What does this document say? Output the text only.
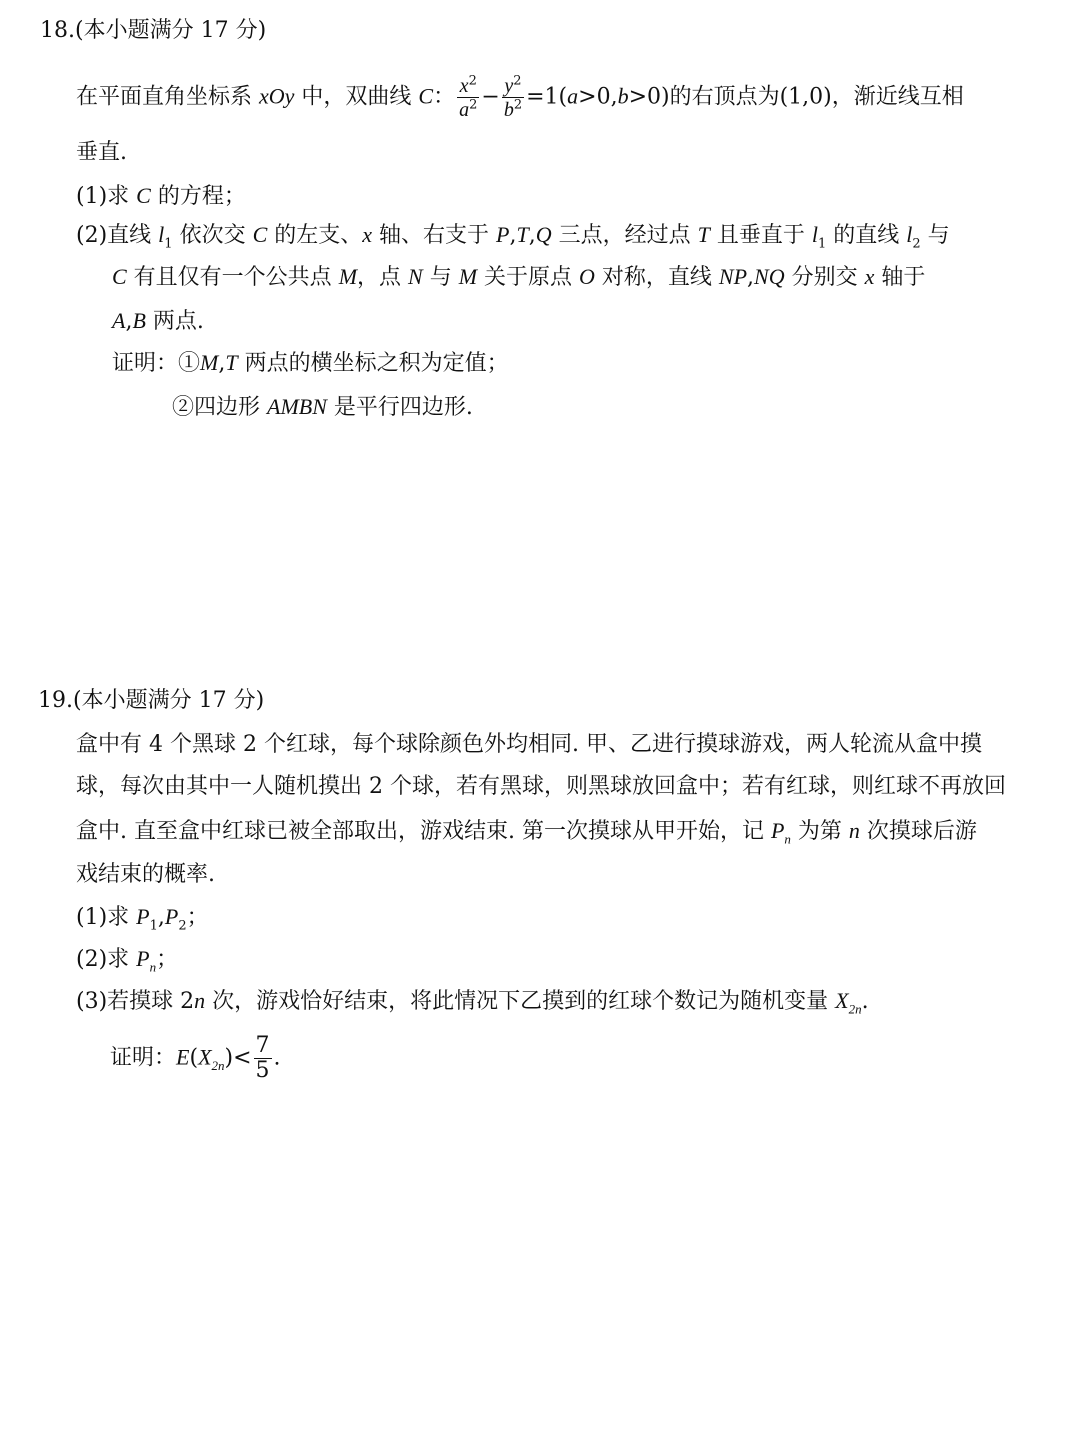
18.(本小题满分 17 分)
在平面直角坐标系 xOy 中，双曲线 C： $\frac{x^2}{a^2} - \frac{y^2}{b^2} =1(a>0,b>0)$的右顶点为(1,0)，渐近线互相
垂直.
(1)求 C 的方程；
(2)直线 $l_1$ 依次交 C 的左支、x 轴、右支于 P,T,Q 三点，经过点 T 且垂直于 $l_1$ 的直线 $l_2$ 与
C 有且仅有一个公共点 M，点 N 与 M 关于原点 O 对称，直线 NP,NQ 分别交 x 轴于
A,B 两点.
证明：①M,T 两点的横坐标之积为定值；
②四边形 AMBN 是平行四边形.
19.(本小题满分 17 分)
盒中有 4 个黑球 2 个红球，每个球除颜色外均相同. 甲、乙进行摸球游戏，两人轮流从盒中摸
球，每次由其中一人随机摸出 2 个球，若有黑球，则黑球放回盒中；若有红球，则红球不再放回
盒中. 直至盒中红球已被全部取出，游戏结束. 第一次摸球从甲开始，记 $P_n$ 为第 n 次摸球后游
戏结束的概率.
(1)求 $P_1,P_2$；
(2)求 $P_n$；
(3)若摸球 2n 次，游戏恰好结束，将此情况下乙摸到的红球个数记为随机变量 $X_{2n}$.
证明：$E(X_{2n})< \frac{7}{5}$ .
